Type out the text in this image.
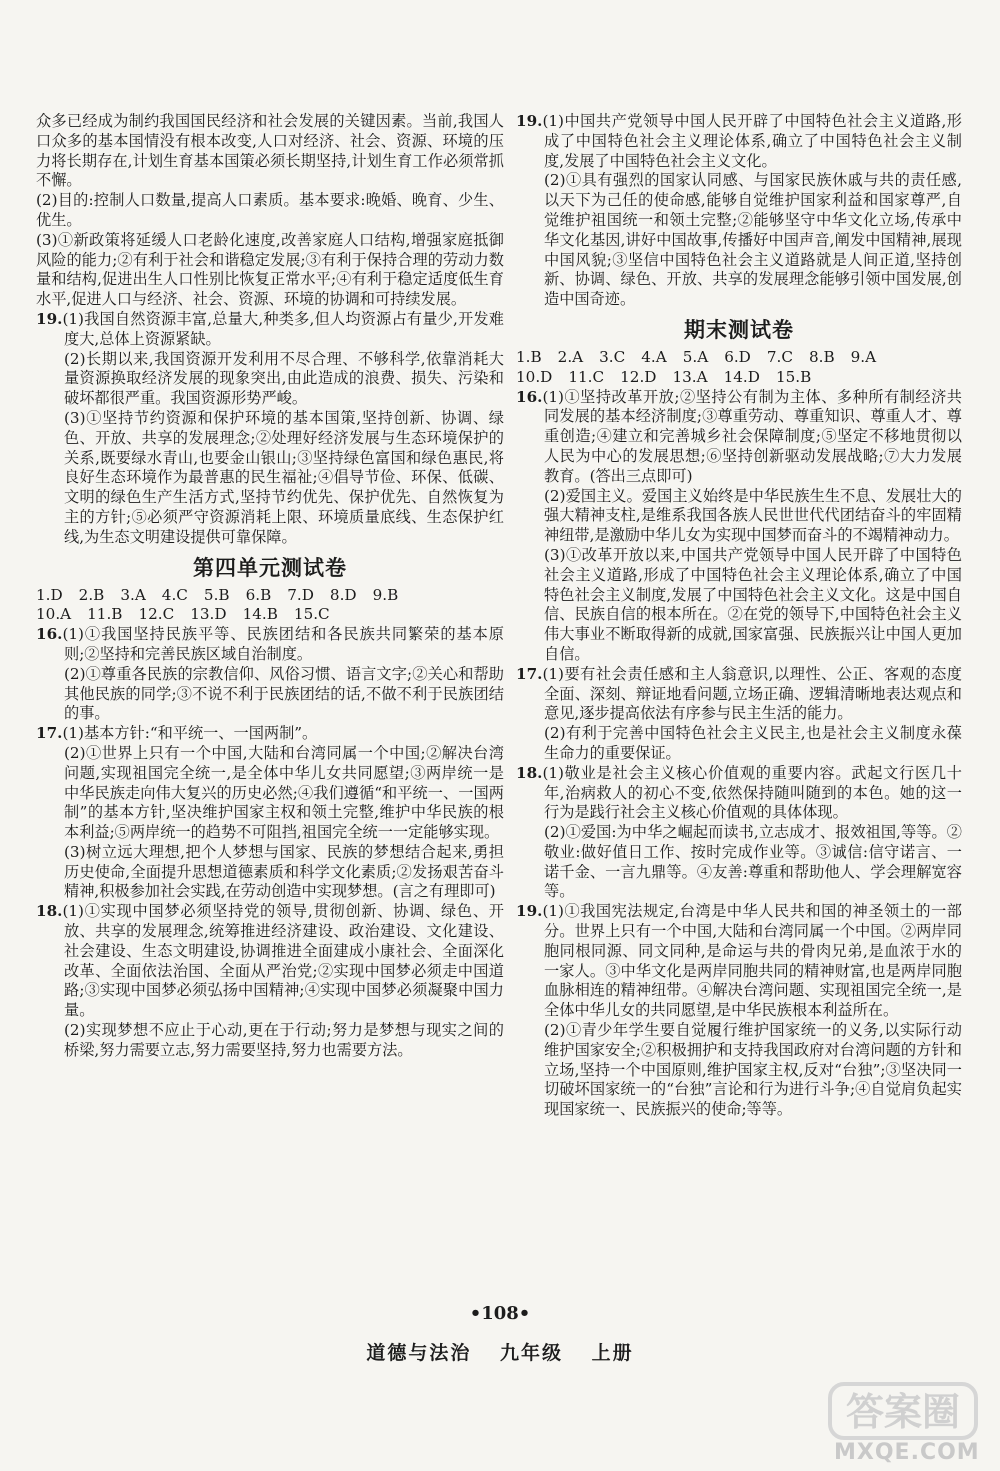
众多已经成为制约我国国民经济和社会发展的关键因素。当前,我国人口众多的基本国情没有根本改变,人口对经济、社会、资源、环境的压力将长期存在,计划生育基本国策必须长期坚持,计划生育工作必须常抓不懈。

(2)目的:控制人口数量,提高人口素质。基本要求:晚婚、晚育、少生、优生。

(3)①新政策将延缓人口老龄化速度,改善家庭人口结构,增强家庭抵御风险的能力;②有利于社会和谐稳定发展;③有利于保持合理的劳动力数量和结构,促进出生人口性别比恢复正常水平;④有利于稳定适度低生育水平,促进人口与经济、社会、资源、环境的协调和可持续发展。

19.(1)我国自然资源丰富,总量大,种类多,但人均资源占有量少,开发难度大,总体上资源紧缺。

(2)长期以来,我国资源开发利用不尽合理、不够科学,依靠消耗大量资源换取经济发展的现象突出,由此造成的浪费、损失、污染和破坏都很严重。我国资源形势严峻。

(3)①坚持节约资源和保护环境的基本国策,坚持创新、协调、绿色、开放、共享的发展理念;②处理好经济发展与生态环境保护的关系,既要绿水青山,也要金山银山;③坚持绿色富国和绿色惠民,将良好生态环境作为最普惠的民生福祉;④倡导节俭、环保、低碳、文明的绿色生产生活方式,坚持节约优先、保护优先、自然恢复为主的方针;⑤必须严守资源消耗上限、环境质量底线、生态保护红线,为生态文明建设提供可靠保障。

第四单元测试卷
1.D 2.B 3.A 4.C 5.B 6.B 7.D 8.D 9.B
10.A 11.B 12.C 13.D 14.B 15.C

16.(1)①我国坚持民族平等、民族团结和各民族共同繁荣的基本原则;②坚持和完善民族区域自治制度。

(2)①尊重各民族的宗教信仰、风俗习惯、语言文字;②关心和帮助其他民族的同学;③不说不利于民族团结的话,不做不利于民族团结的事。

17.(1)基本方针:“和平统一、一国两制”。

(2)①世界上只有一个中国,大陆和台湾同属一个中国;②解决台湾问题,实现祖国完全统一,是全体中华儿女共同愿望;③两岸统一是中华民族走向伟大复兴的历史必然;④我们遵循“和平统一、一国两制”的基本方针,坚决维护国家主权和领土完整,维护中华民族的根本利益;⑤两岸统一的趋势不可阻挡,祖国完全统一一定能够实现。

(3)树立远大理想,把个人梦想与国家、民族的梦想结合起来,勇担历史使命,全面提升思想道德素质和科学文化素质;②发扬艰苦奋斗精神,积极参加社会实践,在劳动创造中实现梦想。(言之有理即可)

18.(1)①实现中国梦必须坚持党的领导,贯彻创新、协调、绿色、开放、共享的发展理念,统筹推进经济建设、政治建设、文化建设、社会建设、生态文明建设,协调推进全面建成小康社会、全面深化改革、全面依法治国、全面从严治党;②实现中国梦必须走中国道路;③实现中国梦必须弘扬中国精神;④实现中国梦必须凝聚中国力量。

(2)实现梦想不应止于心动,更在于行动;努力是梦想与现实之间的桥梁,努力需要立志,努力需要坚持,努力也需要方法。

19.(1)中国共产党领导中国人民开辟了中国特色社会主义道路,形成了中国特色社会主义理论体系,确立了中国特色社会主义制度,发展了中国特色社会主义文化。

(2)①具有强烈的国家认同感、与国家民族休戚与共的责任感,以天下为己任的使命感,能够自觉维护国家利益和国家尊严,自觉维护祖国统一和领土完整;②能够坚守中华文化立场,传承中华文化基因,讲好中国故事,传播好中国声音,阐发中国精神,展现中国风貌;③坚信中国特色社会主义道路就是人间正道,坚持创新、协调、绿色、开放、共享的发展理念能够引领中国发展,创造中国奇迹。

期末测试卷
1.B 2.A 3.C 4.A 5.A 6.D 7.C 8.B 9.A
10.D 11.C 12.D 13.A 14.D 15.B

16.(1)①坚持改革开放;②坚持公有制为主体、多种所有制经济共同发展的基本经济制度;③尊重劳动、尊重知识、尊重人才、尊重创造;④建立和完善城乡社会保障制度;⑤坚定不移地贯彻以人民为中心的发展思想;⑥坚持创新驱动发展战略;⑦大力发展教育。(答出三点即可)

(2)爱国主义。爱国主义始终是中华民族生生不息、发展壮大的强大精神支柱,是维系我国各族人民世世代代团结奋斗的牢固精神纽带,是激励中华儿女为实现中国梦而奋斗的不竭精神动力。

(3)①改革开放以来,中国共产党领导中国人民开辟了中国特色社会主义道路,形成了中国特色社会主义理论体系,确立了中国特色社会主义制度,发展了中国特色社会主义文化。这是中国自信、民族自信的根本所在。②在党的领导下,中国特色社会主义伟大事业不断取得新的成就,国家富强、民族振兴让中国人更加自信。

17.(1)要有社会责任感和主人翁意识,以理性、公正、客观的态度全面、深刻、辩证地看问题,立场正确、逻辑清晰地表达观点和意见,逐步提高依法有序参与民主生活的能力。

(2)有利于完善中国特色社会主义民主,也是社会主义制度永葆生命力的重要保证。

18.(1)敬业是社会主义核心价值观的重要内容。武起文行医几十年,治病救人的初心不变,依然保持随叫随到的本色。她的这一行为是践行社会主义核心价值观的具体体现。

(2)①爱国:为中华之崛起而读书,立志成才、报效祖国,等等。②敬业:做好值日工作、按时完成作业等。③诚信:信守诺言、一诺千金、一言九鼎等。④友善:尊重和帮助他人、学会理解宽容等。

19.(1)①我国宪法规定,台湾是中华人民共和国的神圣领土的一部分。世界上只有一个中国,大陆和台湾同属一个中国。②两岸同胞同根同源、同文同种,是命运与共的骨肉兄弟,是血浓于水的一家人。③中华文化是两岸同胞共同的精神财富,也是两岸同胞血脉相连的精神纽带。④解决台湾问题、实现祖国完全统一,是全体中华儿女的共同愿望,是中华民族根本利益所在。

(2)①青少年学生要自觉履行维护国家统一的义务,以实际行动维护国家安全;②积极拥护和支持我国政府对台湾问题的方针和立场,坚持一个中国原则,维护国家主权,反对“台独”;③坚决同一切破坏国家统一的“台独”言论和行为进行斗争;④自觉肩负起实现国家统一、民族振兴的使命;等等。

•108•
道德与法治 九年级 上册
答案圈
MXQE.COM
